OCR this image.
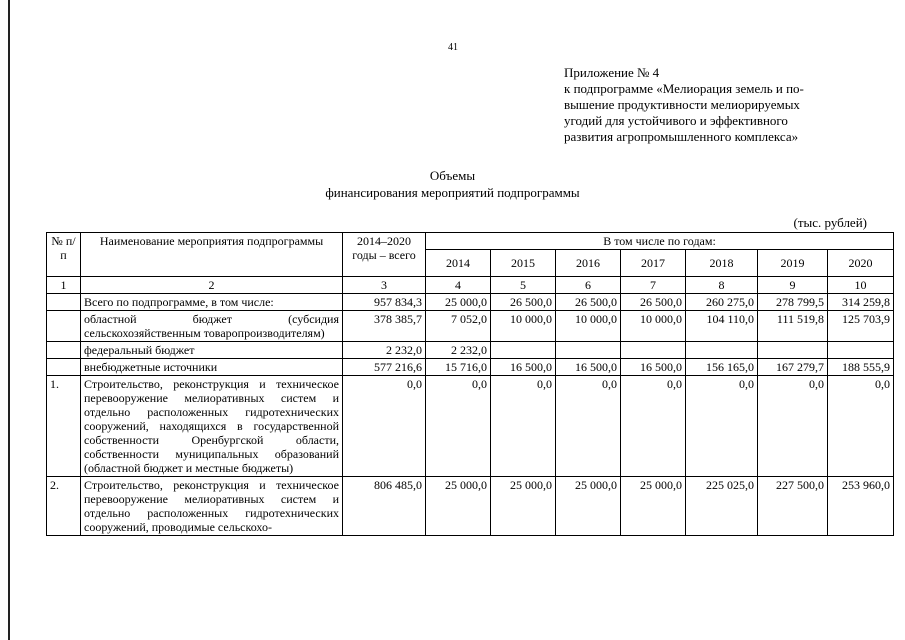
41
Приложение № 4
к подпрограмме «Мелиорация земель и по-
вышение продуктивности мелиорируемых
угодий для устойчивого и эффективного
развития агропромышленного комплекса»
Объемы
финансирования мероприятий подпрограммы
(тыс. рублей)
№ п/п	Наименование мероприятия подпрограммы	2014–2020 годы – всего	В том числе по годам:						
			2014	2015	2016	2017	2018	2019	2020
1	2	3	4	5	6	7	8	9	10
	Всего по подпрограмме, в том числе:	957 834,3	25 000,0	26 500,0	26 500,0	26 500,0	260 275,0	278 799,5	314 259,8
	областной бюджет (субсидия сельскохозяйственным товаропроизводителям)	378 385,7	7 052,0	10 000,0	10 000,0	10 000,0	104 110,0	111 519,8	125 703,9
	федеральный бюджет	2 232,0	2 232,0						
	внебюджетные источники	577 216,6	15 716,0	16 500,0	16 500,0	16 500,0	156 165,0	167 279,7	188 555,9
1.	Строительство, реконструкция и техническое перевооружение мелиоративных систем и отдельно расположенных гидротехнических сооружений, находящихся в государственной собственности Оренбургской области, собственности муниципальных образований (областной бюджет и местные бюджеты)	0,0	0,0	0,0	0,0	0,0	0,0	0,0	0,0
2.	Строительство, реконструкция и техническое перевооружение мелиоративных систем и отдельно расположенных гидротехнических сооружений, проводимые сельскохо-	806 485,0	25 000,0	25 000,0	25 000,0	25 000,0	225 025,0	227 500,0	253 960,0
